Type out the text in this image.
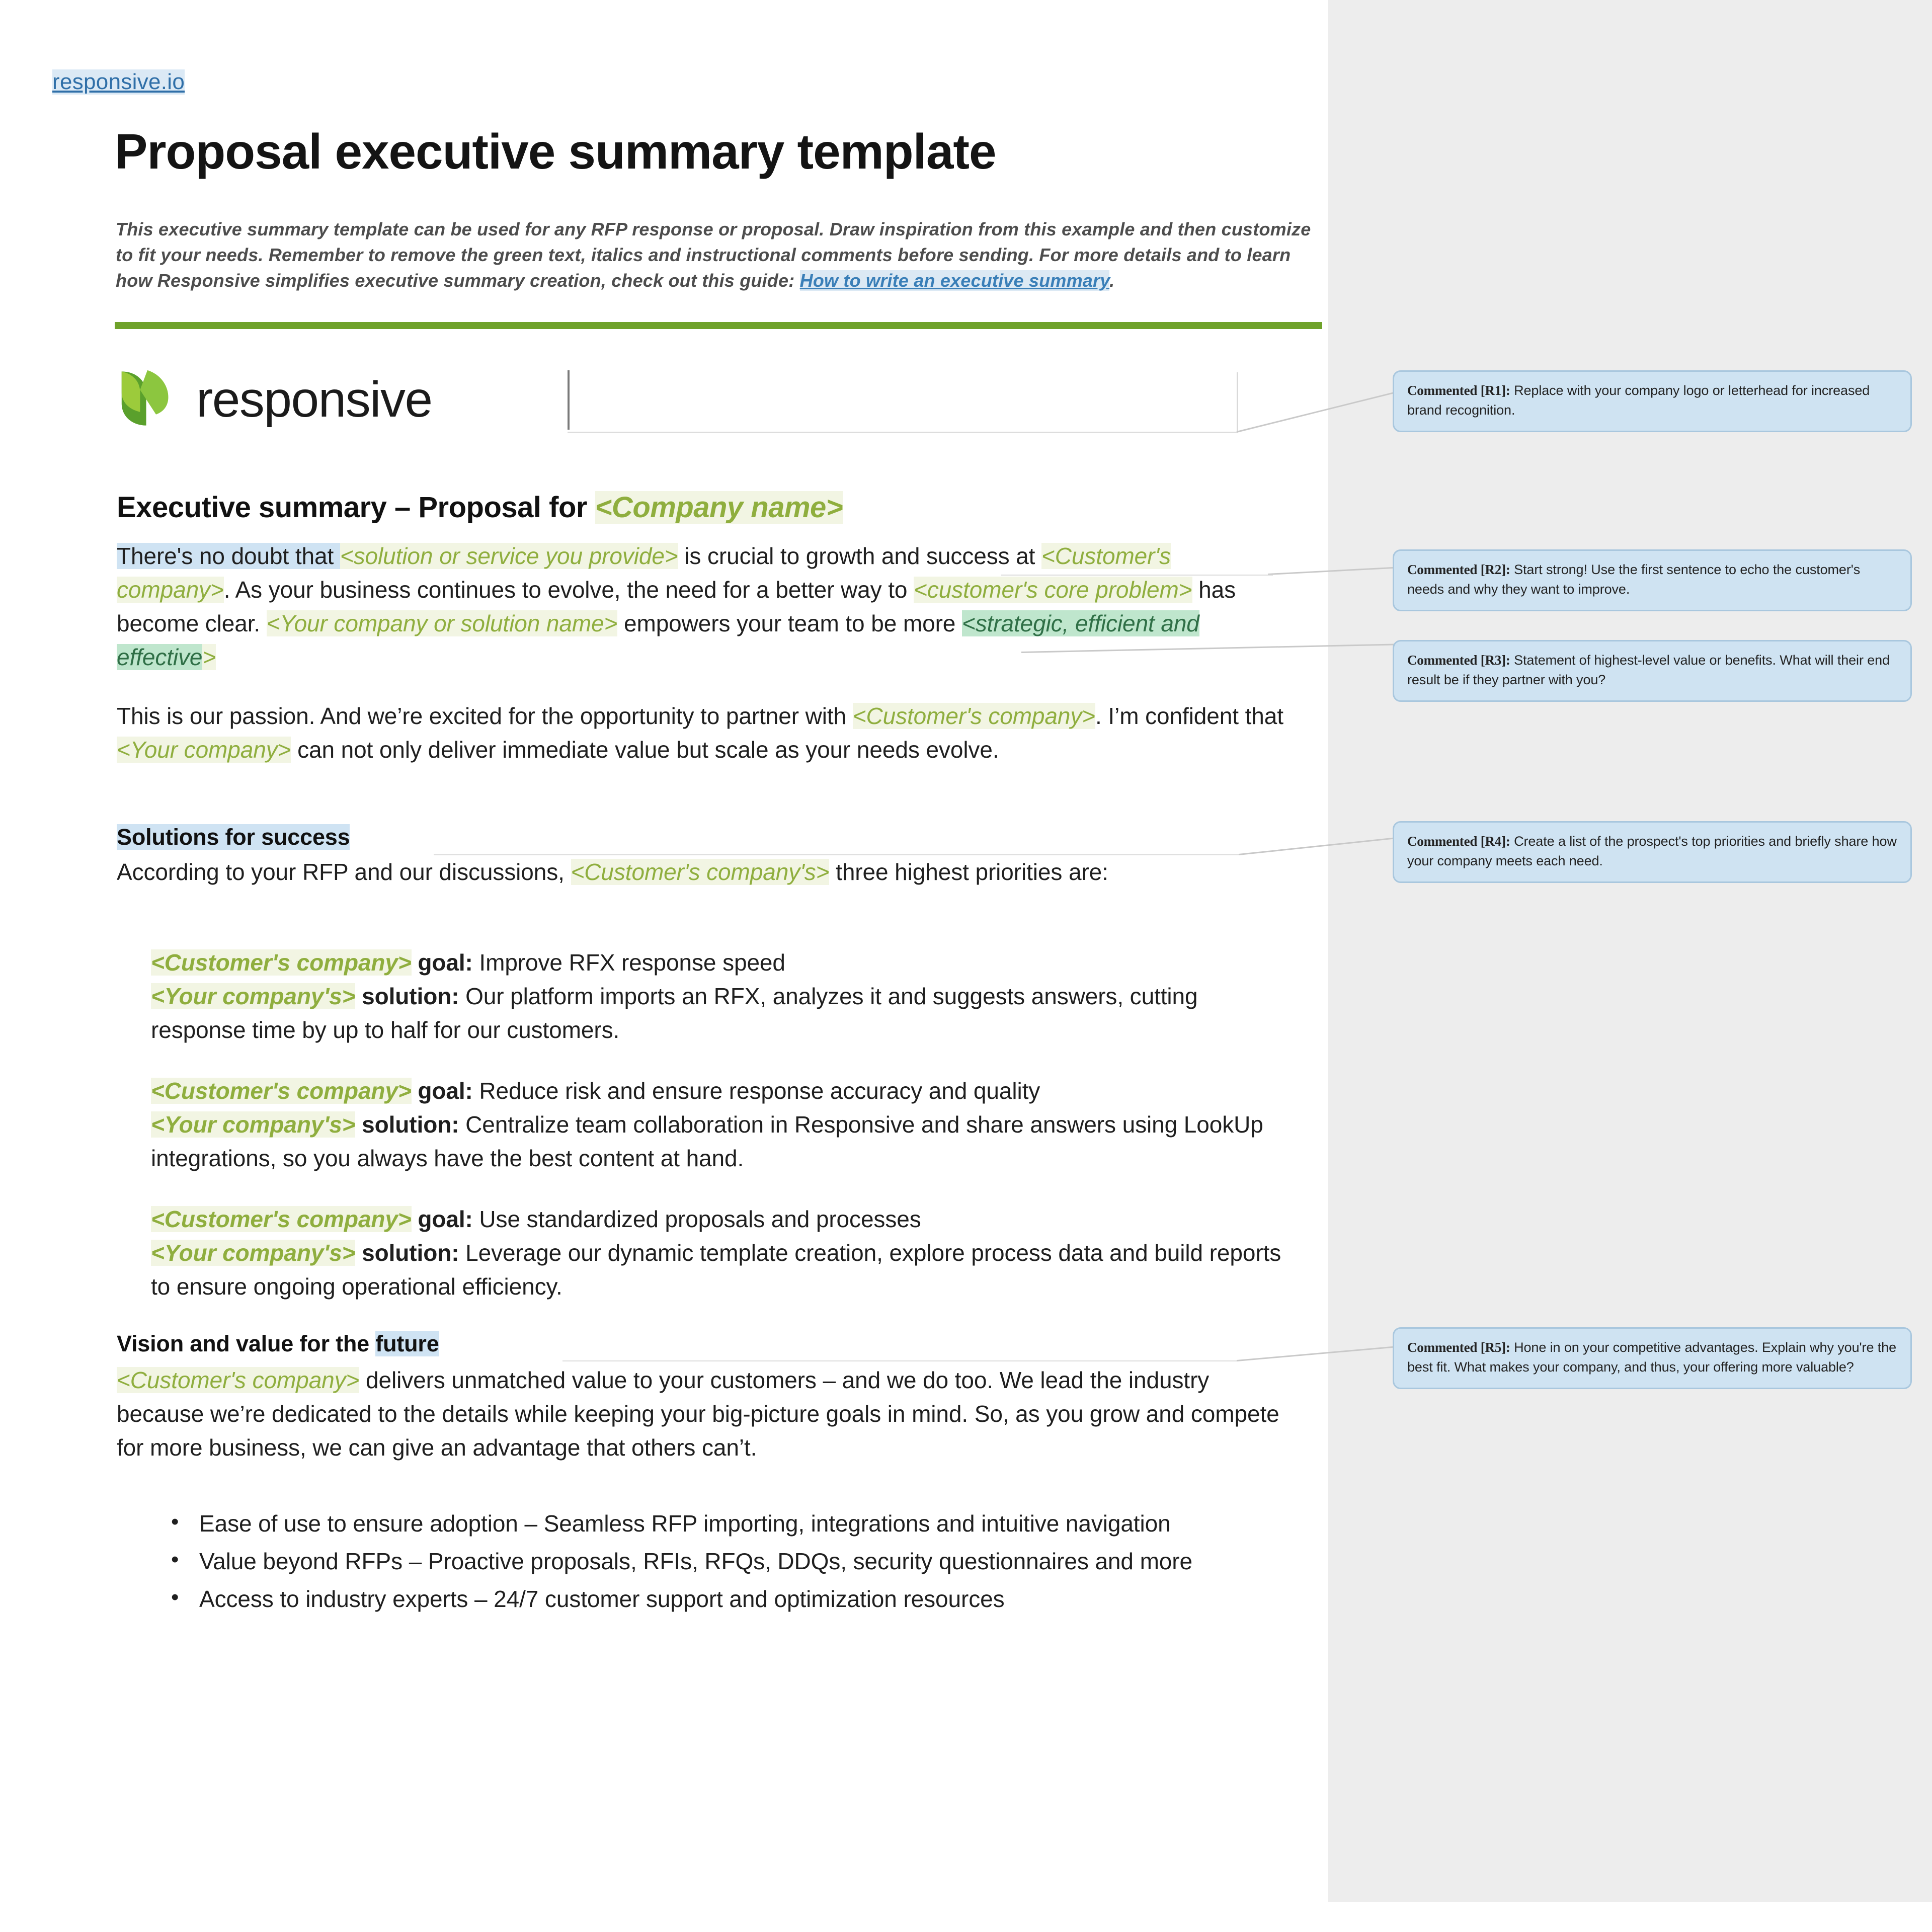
responsive.io
Proposal executive summary template
This executive summary template can be used for any RFP response or proposal. Draw inspiration from this example and then customize to fit your needs. Remember to remove the green text, italics and instructional comments before sending. For more details and to learn how Responsive simplifies executive summary creation, check out this guide: How to write an executive summary.
responsive
Executive summary – Proposal for <Company name>
There's no doubt that <solution or service you provide> is crucial to growth and success at <Customer's company>. As your business continues to evolve, the need for a better way to <customer's core problem> has become clear. <Your company or solution name> empowers your team to be more <strategic, efficient and effective>
This is our passion. And we’re excited for the opportunity to partner with <Customer's company>. I’m confident that <Your company> can not only deliver immediate value but scale as your needs evolve.
Solutions for success
According to your RFP and our discussions, <Customer's company's> three highest priorities are:
<Customer's company> goal: Improve RFX response speed
<Your company's> solution: Our platform imports an RFX, analyzes it and suggests answers, cutting response time by up to half for our customers.
<Customer's company> goal: Reduce risk and ensure response accuracy and quality
<Your company's> solution: Centralize team collaboration in Responsive and share answers using LookUp integrations, so you always have the best content at hand.
<Customer's company> goal: Use standardized proposals and processes
<Your company's> solution: Leverage our dynamic template creation, explore process data and build reports to ensure ongoing operational efficiency.
Vision and value for the future
<Customer's company> delivers unmatched value to your customers – and we do too. We lead the industry because we’re dedicated to the details while keeping your big-picture goals in mind. So, as you grow and compete for more business, we can give an advantage that others can’t.
• Ease of use to ensure adoption – Seamless RFP importing, integrations and intuitive navigation
• Value beyond RFPs – Proactive proposals, RFIs, RFQs, DDQs, security questionnaires and more
• Access to industry experts – 24/7 customer support and optimization resources
Commented [R1]: Replace with your company logo or letterhead for increased brand recognition.
Commented [R2]: Start strong! Use the first sentence to echo the customer's needs and why they want to improve.
Commented [R3]: Statement of highest-level value or benefits. What will their end result be if they partner with you?
Commented [R4]: Create a list of the prospect's top priorities and briefly share how your company meets each need.
Commented [R5]: Hone in on your competitive advantages. Explain why you're the best fit. What makes your company, and thus, your offering more valuable?
